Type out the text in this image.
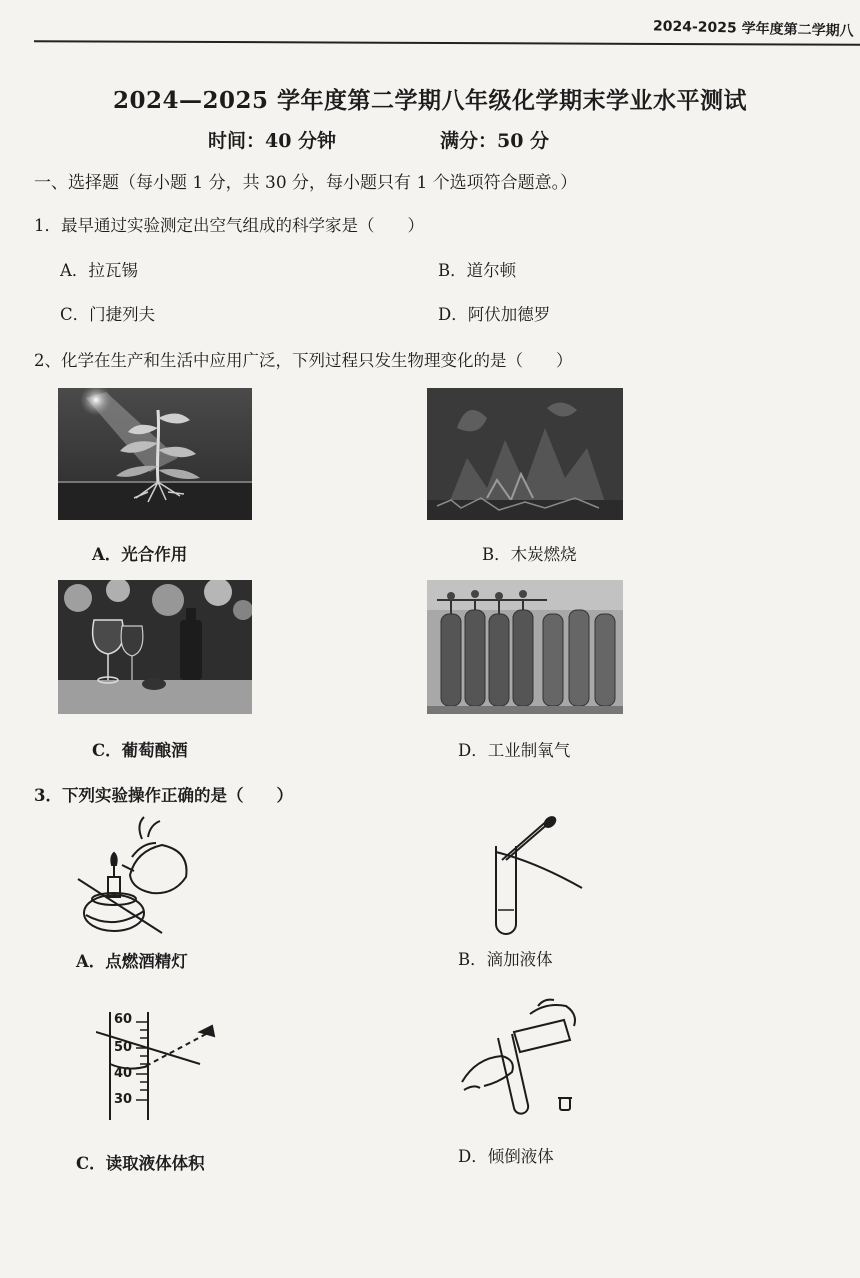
2024-2025 学年度第二学期八
2024—2025 学年度第二学期八年级化学期末学业水平测试
时间：40 分钟	满分：50 分
一、选择题（每小题 1 分，共 30 分，每小题只有 1 个选项符合题意。）
1．最早通过实验测定出空气组成的科学家是（　　）
A．拉瓦锡	B．道尔顿
C．门捷列夫	D．阿伏加德罗
2、化学在生产和生活中应用广泛，下列过程只发生物理变化的是（　　）
A．光合作用	B．木炭燃烧
C．葡萄酿酒	D．工业制氧气
3．下列实验操作正确的是（　　）
A．点燃酒精灯	B．滴加液体
60
50
40
30
C．读取液体体积	D．倾倒液体
